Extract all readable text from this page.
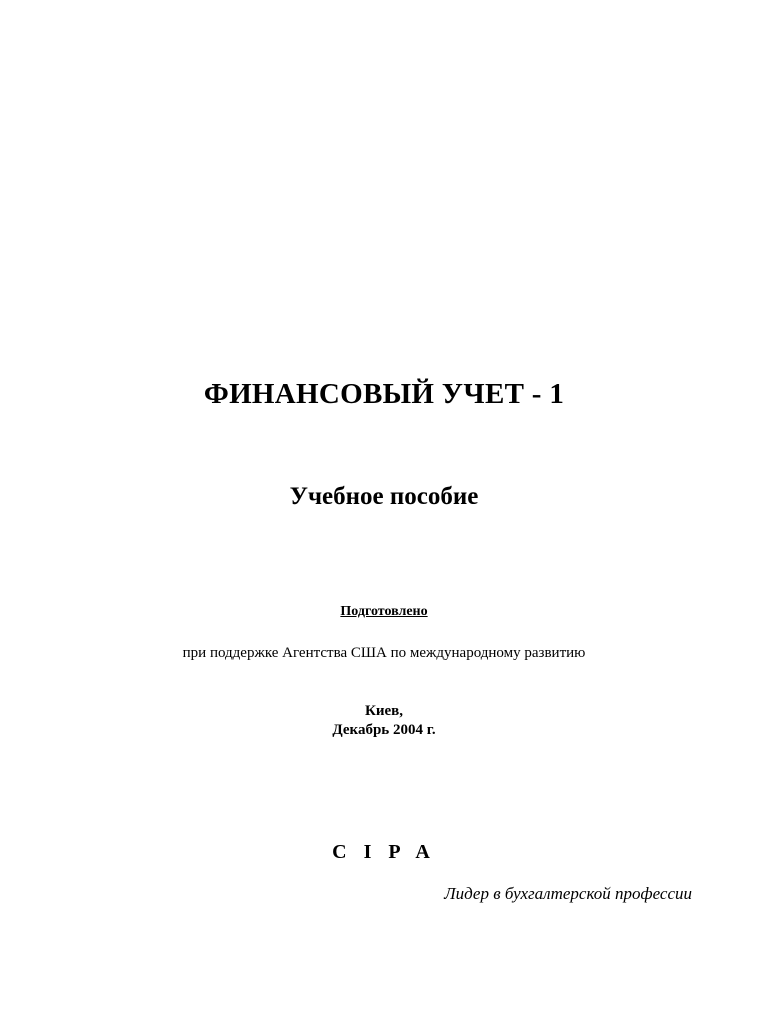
ФИНАНСОВЫЙ УЧЕТ - 1
Учебное пособие
Подготовлено
при поддержке Агентства США по международному развитию
Киев,
Декабрь 2004 г.
C I P A
Лидер в бухгалтерской профессии
